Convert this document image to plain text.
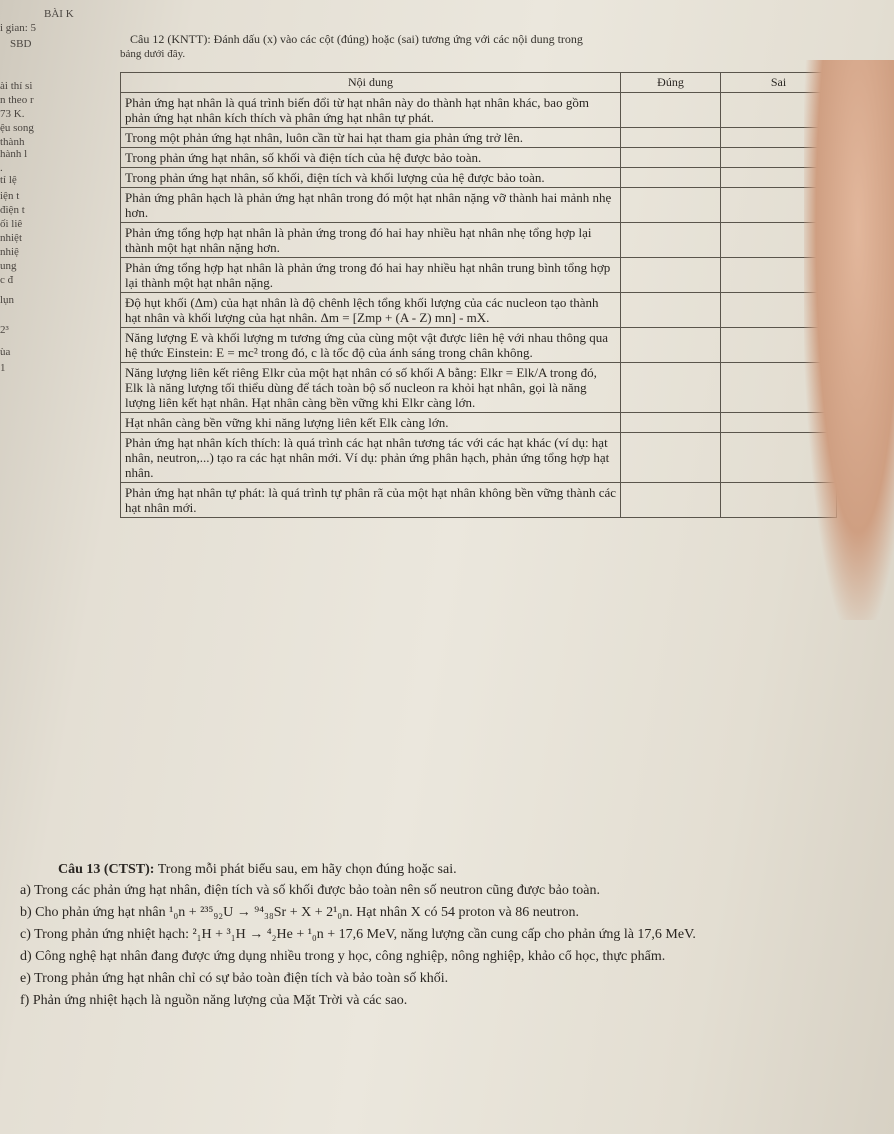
BÀI K
i gian: 5
SBD
ài thí si
n theo r
73 K.
ệu song
thành
hành l
.
tỉ lệ
iện t
điện t
ối liê
nhiệt
nhiệ
ung
c đ
lụn
2³
ùa
1
Câu 12 (KNTT): Đánh dấu (x) vào các cột (đúng) hoặc (sai) tương ứng với các nội dung trong
bảng dưới đây.
Nội dung	Đúng	Sai
Phản ứng hạt nhân là quá trình biến đổi từ hạt nhân này do thành hạt nhân khác, bao gồm phản ứng hạt nhân kích thích và phân ứng hạt nhân tự phát.		
Trong một phản ứng hạt nhân, luôn cần từ hai hạt tham gia phản ứng trở lên.		
Trong phản ứng hạt nhân, số khối và điện tích của hệ được bảo toàn.		
Trong phản ứng hạt nhân, số khối, điện tích và khối lượng của hệ được bảo toàn.		
Phản ứng phân hạch là phản ứng hạt nhân trong đó một hạt nhân nặng vỡ thành hai mảnh nhẹ hơn.		
Phản ứng tổng hợp hạt nhân là phản ứng trong đó hai hay nhiều hạt nhân nhẹ tổng hợp lại thành một hạt nhân nặng hơn.		
Phản ứng tổng hợp hạt nhân là phản ứng trong đó hai hay nhiều hạt nhân trung bình tổng hợp lại thành một hạt nhân nặng.		
Độ hụt khối (Δm) của hạt nhân là độ chênh lệch tổng khối lượng của các nucleon tạo thành hạt nhân và khối lượng của hạt nhân. Δm = [Zmp + (A - Z) mn] - mX.		
Năng lượng E và khối lượng m tương ứng của cùng một vật được liên hệ với nhau thông qua hệ thức Einstein: E = mc² trong đó, c là tốc độ của ánh sáng trong chân không.		
Năng lượng liên kết riêng Elkr của một hạt nhân có số khối A bằng: Elkr = Elk/A trong đó, Elk là năng lượng tối thiểu dùng để tách toàn bộ số nucleon ra khỏi hạt nhân, gọi là năng lượng liên kết hạt nhân. Hạt nhân càng bền vững khi Elkr càng lớn.		
Hạt nhân càng bền vững khi năng lượng liên kết Elk càng lớn.		
Phản ứng hạt nhân kích thích: là quá trình các hạt nhân tương tác với các hạt khác (ví dụ: hạt nhân, neutron,...) tạo ra các hạt nhân mới. Ví dụ: phản ứng phân hạch, phản ứng tổng hợp hạt nhân.		
Phản ứng hạt nhân tự phát: là quá trình tự phân rã của một hạt nhân không bền vững thành các hạt nhân mới.		
Câu 13 (CTST): Trong mỗi phát biểu sau, em hãy chọn đúng hoặc sai.
a) Trong các phản ứng hạt nhân, điện tích và số khối được bảo toàn nên số neutron cũng được bảo toàn.
b) Cho phản ứng hạt nhân ¹₀n + ²³⁵₉₂U → ⁹⁴₃₈Sr + X + 2¹₀n. Hạt nhân X có 54 proton và 86 neutron.
c) Trong phản ứng nhiệt hạch: ²₁H + ³₁H → ⁴₂He + ¹₀n + 17,6 MeV, năng lượng cần cung cấp cho phản ứng là 17,6 MeV.
d) Công nghệ hạt nhân đang được ứng dụng nhiều trong y học, công nghiệp, nông nghiệp, khảo cổ học, thực phẩm.
e) Trong phản ứng hạt nhân chỉ có sự bảo toàn điện tích và bảo toàn số khối.
f) Phản ứng nhiệt hạch là nguồn năng lượng của Mặt Trời và các sao.
